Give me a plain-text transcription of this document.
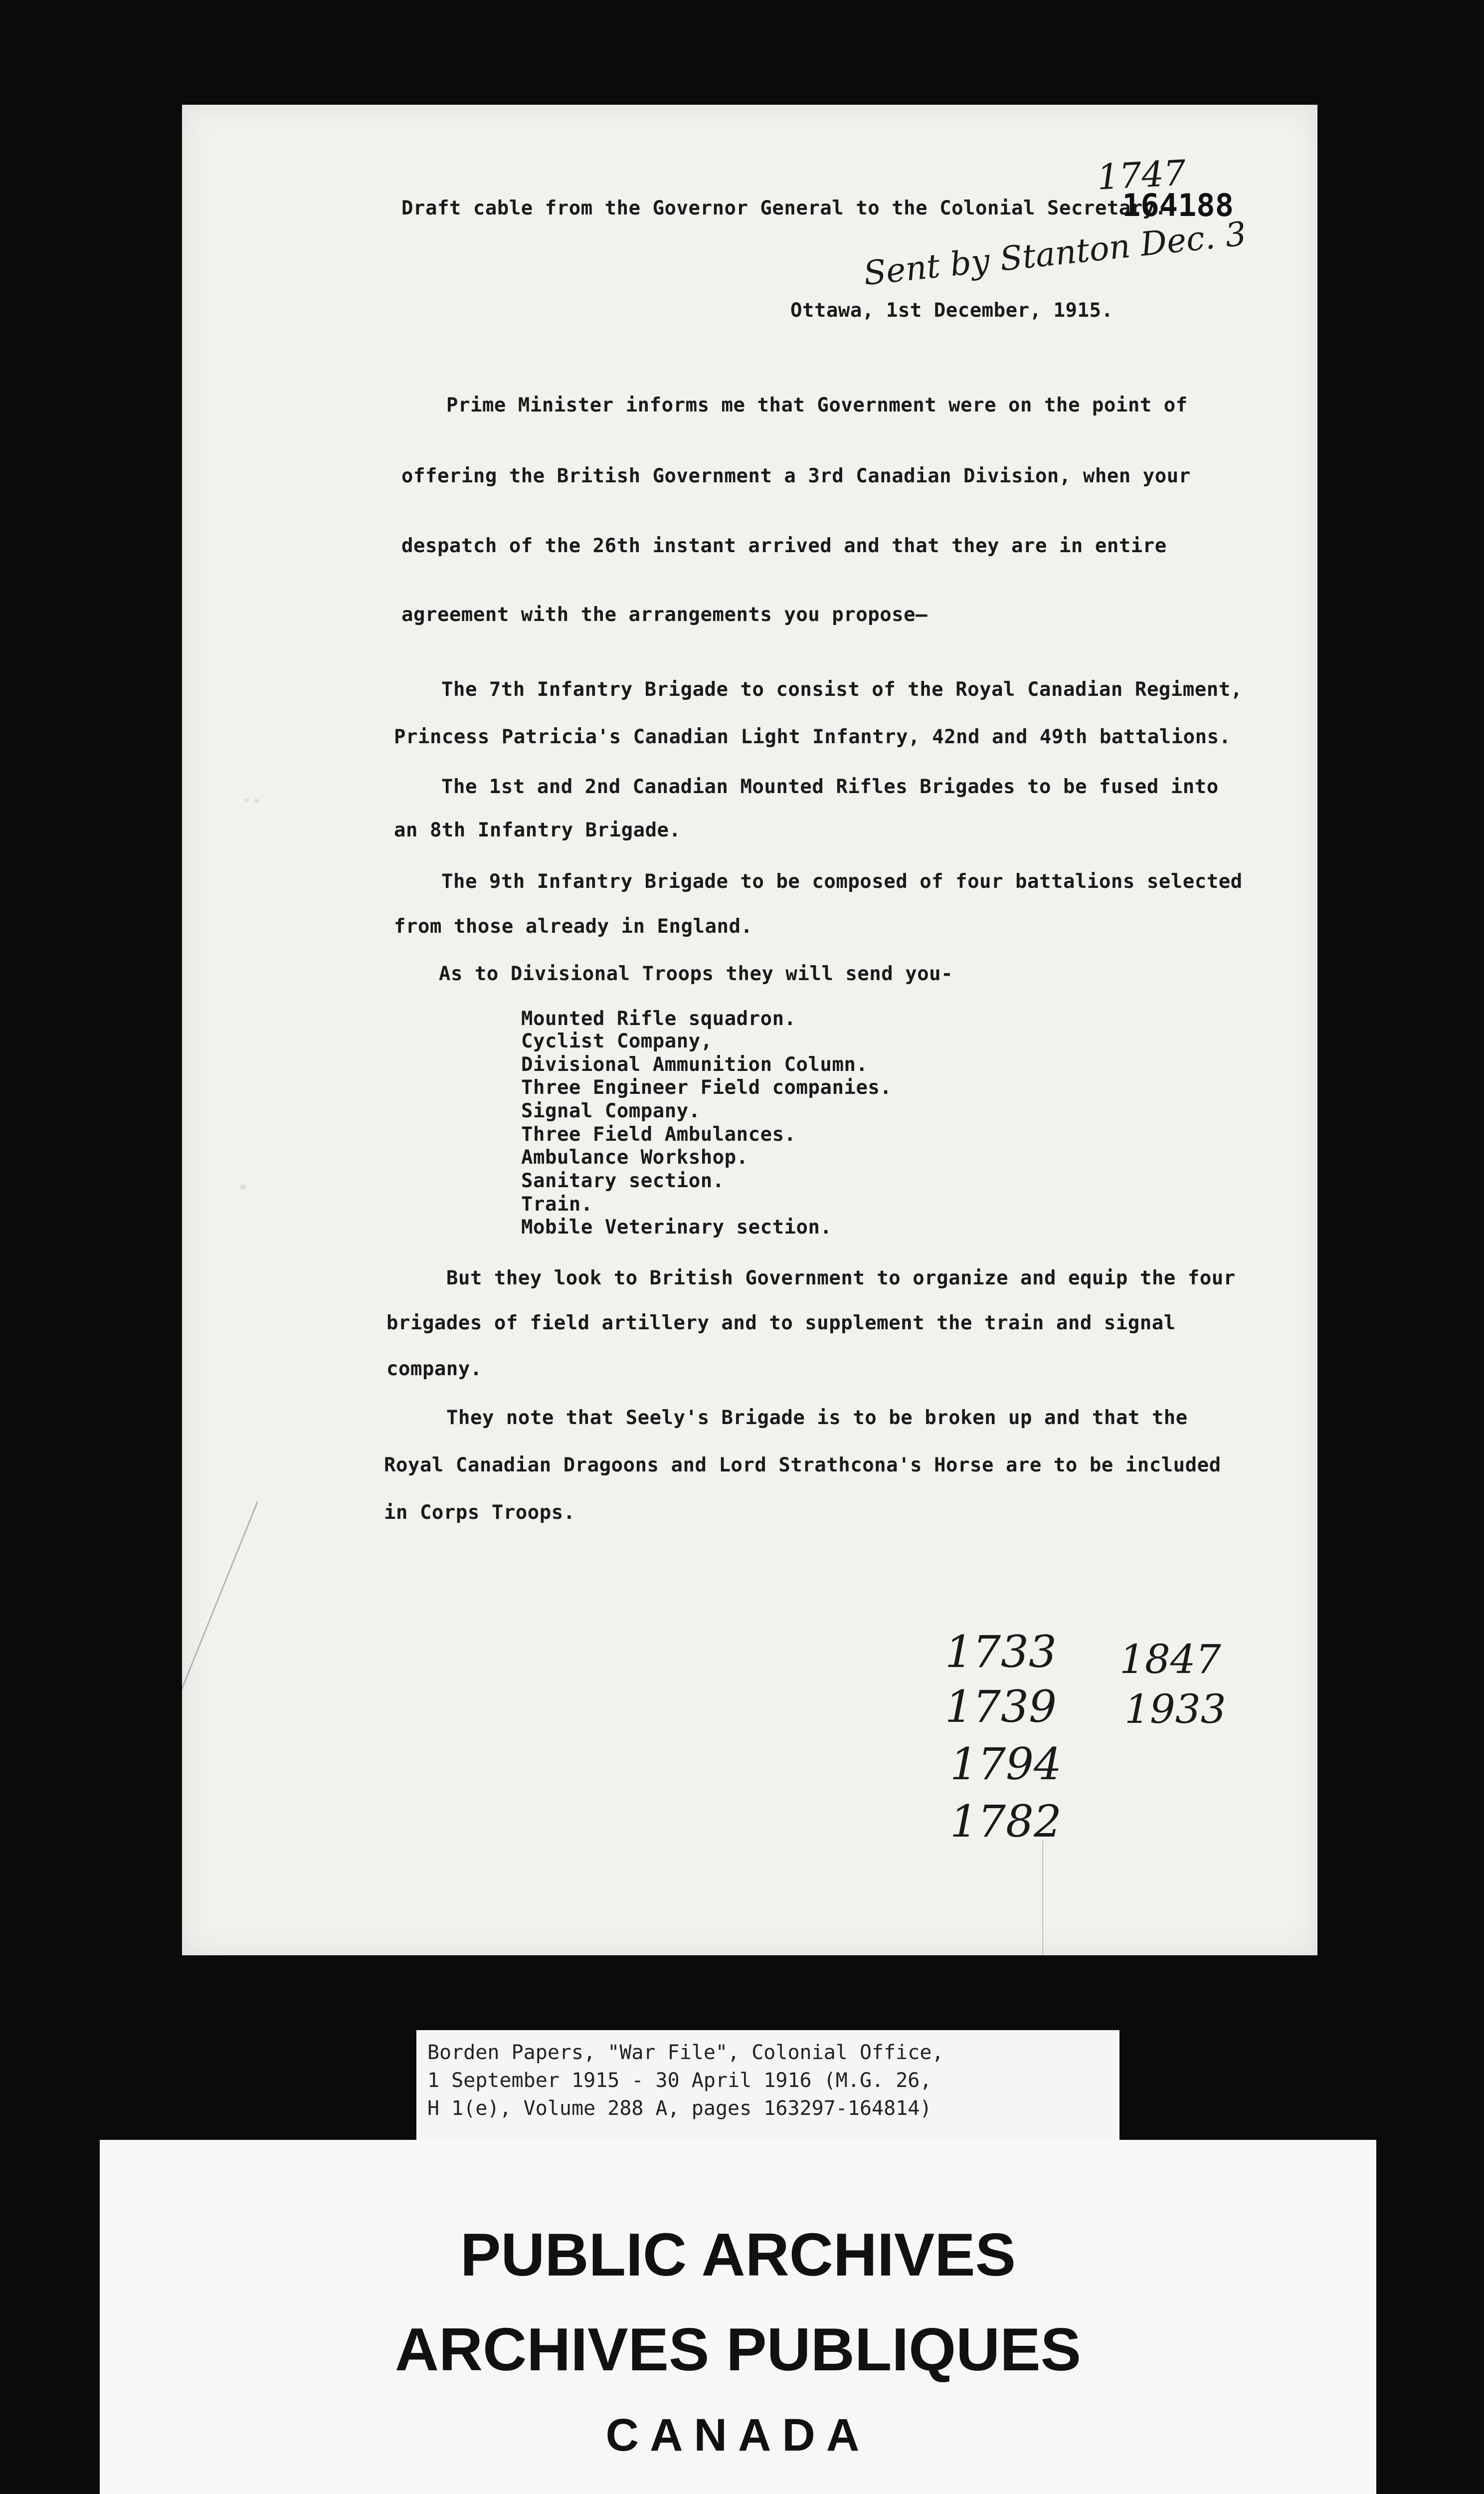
Draft cable from the Governor General to the Colonial Secretary.
1747
164188
Sent by Stanton Dec. 3
Ottawa, 1st December, 1915.
Prime Minister informs me that Government were on the point of
offering the British Government a 3rd Canadian Division, when your
despatch of the 26th instant arrived and that they are in entire
agreement with the arrangements you propose—
The 7th Infantry Brigade to consist of the Royal Canadian Regiment,
Princess Patricia's Canadian Light Infantry, 42nd and 49th battalions.
The 1st and 2nd Canadian Mounted Rifles Brigades to be fused into
an 8th Infantry Brigade.
The 9th Infantry Brigade to be composed of four battalions selected
from those already in England.
As to Divisional Troops they will send you-
Mounted Rifle squadron.
Cyclist Company,
Divisional Ammunition Column.
Three Engineer Field companies.
Signal Company.
Three Field Ambulances.
Ambulance Workshop.
Sanitary section.
Train.
Mobile Veterinary section.
But they look to British Government to organize and equip the four
brigades of field artillery and to supplement the train and signal
company.
They note that Seely's Brigade is to be broken up and that the
Royal Canadian Dragoons and Lord Strathcona's Horse are to be included
in Corps Troops.
1733
1739
1794
1782
1847
1933
Borden Papers, "War File", Colonial Office,
1 September 1915 - 30 April 1916 (M.G. 26,
H 1(e), Volume 288 A, pages 163297-164814)
PUBLIC ARCHIVES
ARCHIVES PUBLIQUES
CANADA
